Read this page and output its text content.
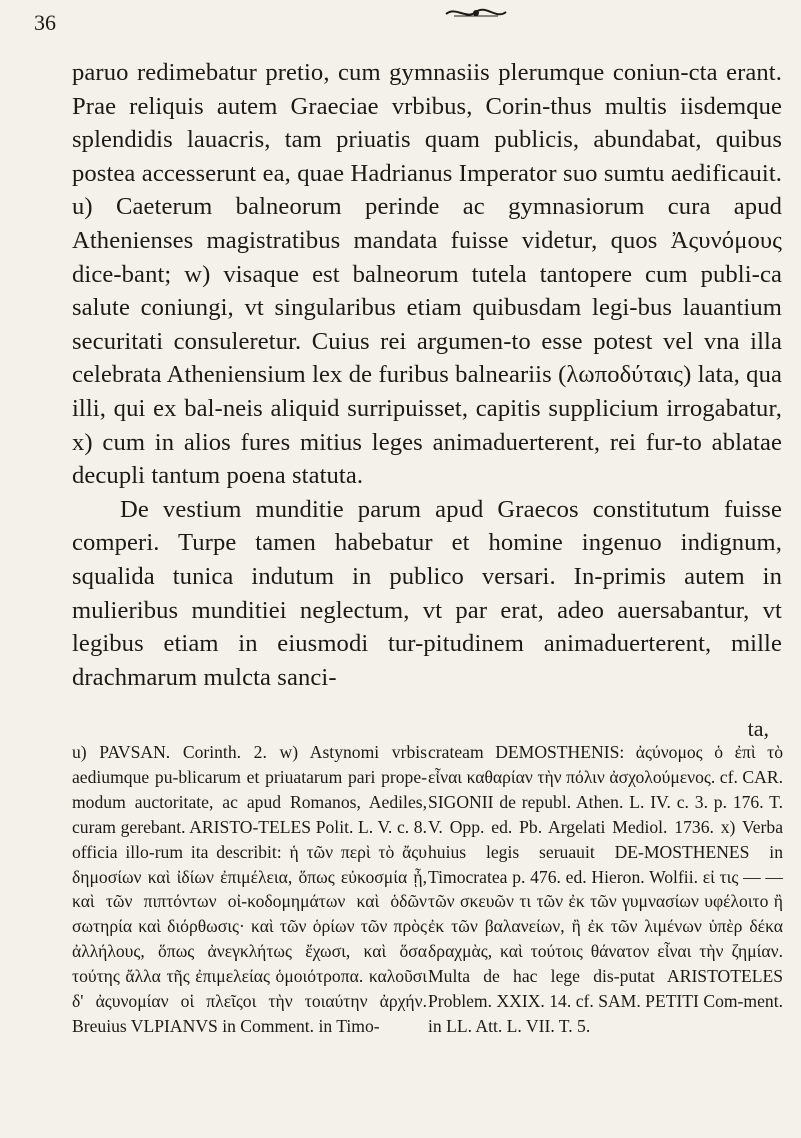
36

paruo redimebatur pretio, cum gymnasiis plerumque coniun-cta erant. Prae reliquis autem Graeciae vrbibus, Corin-thus multis iisdemque splendidis lauacris, tam priuatis quam publicis, abundabat, quibus postea accesserunt ea, quae Hadrianus Imperator suo sumtu aedificauit. u) Caeterum balneorum perinde ac gymnasiorum cura apud Athenienses magistratibus mandata fuisse videtur, quos Ἀςυνόμους dice-bant; w) visaque est balneorum tutela tantopere cum publi-ca salute coniungi, vt singularibus etiam quibusdam legi-bus lauantium securitati consuleretur. Cuius rei argumen-to esse potest vel vna illa celebrata Atheniensium lex de furibus balneariis (λωποδύταις) lata, qua illi, qui ex bal-neis aliquid surripuisset, capitis supplicium irrogabatur, x) cum in alios fures mitius leges animaduerterent, rei fur-to ablatae decupli tantum poena statuta.

De vestium munditie parum apud Graecos constitutum fuisse comperi. Turpe tamen habebatur et homine ingenuo indignum, squalida tunica indutum in publico versari. In-primis autem in mulieribus munditiei neglectum, vt par erat, adeo auersabantur, vt legibus etiam in eiusmodi tur-pitudinem animaduerterent, mille drachmarum mulcta sanci-

ta,

u) PAVSAN. Corinth. 2. w) Astynomi vrbis aediumque pu-blicarum et priuatarum pari prope-modum auctoritate, ac apud Romanos, Aediles, curam gerebant. ARISTO-TELES Polit. L. V. c. 8. officia illo-rum ita describit: ἡ τῶν περὶ τὸ ἄςυ δημοσίων καὶ ἰδίων ἐπιμέλεια, ὅπως εὐκοσμία ᾖ, καὶ τῶν πιπτόντων οἰ-κοδομημάτων καὶ ὁδῶν σωτηρία καὶ διόρθωσις· καὶ τῶν ὁρίων τῶν πρὸς ἀλλήλους, ὅπως ἀνεγκλήτως ἔχωσι, καὶ ὅσα τούτης ἄλλα τῆς ἐπιμελείας ὁμοιότροπα. καλοῦσι δ' ἀςυνομίαν οἱ πλεῖςοι τὴν τοιαύτην ἀρχήν. Breuius VLPIANVS in Comment. in Timo-

crateam DEMOSTHENIS: ἀςύνομος ὁ ἐπὶ τὸ εἶναι καθαρίαν τὴν πόλιν ἀσχολούμενος. cf. CAR. SIGONII de republ. Athen. L. IV. c. 3. p. 176. T. V. Opp. ed. Pb. Argelati Mediol. 1736. x) Verba huius legis seruauit DE-MOSTHENES in Timocratea p. 476. ed. Hieron. Wolfii. εἰ τις — — τῶν σκευῶν τι τῶν ἐκ τῶν γυμνασίων υφέλοιτο ἢ ἐκ τῶν βαλανείων, ἢ ἐκ τῶν λιμένων ὑπὲρ δέκα δραχμὰς, καὶ τούτοις θάνατον εἶναι τὴν ζημίαν. Multa de hac lege dis-putat ARISTOTELES Problem. XXIX. 14. cf. SAM. PETITI Com-ment. in LL. Att. L. VII. T. 5.
